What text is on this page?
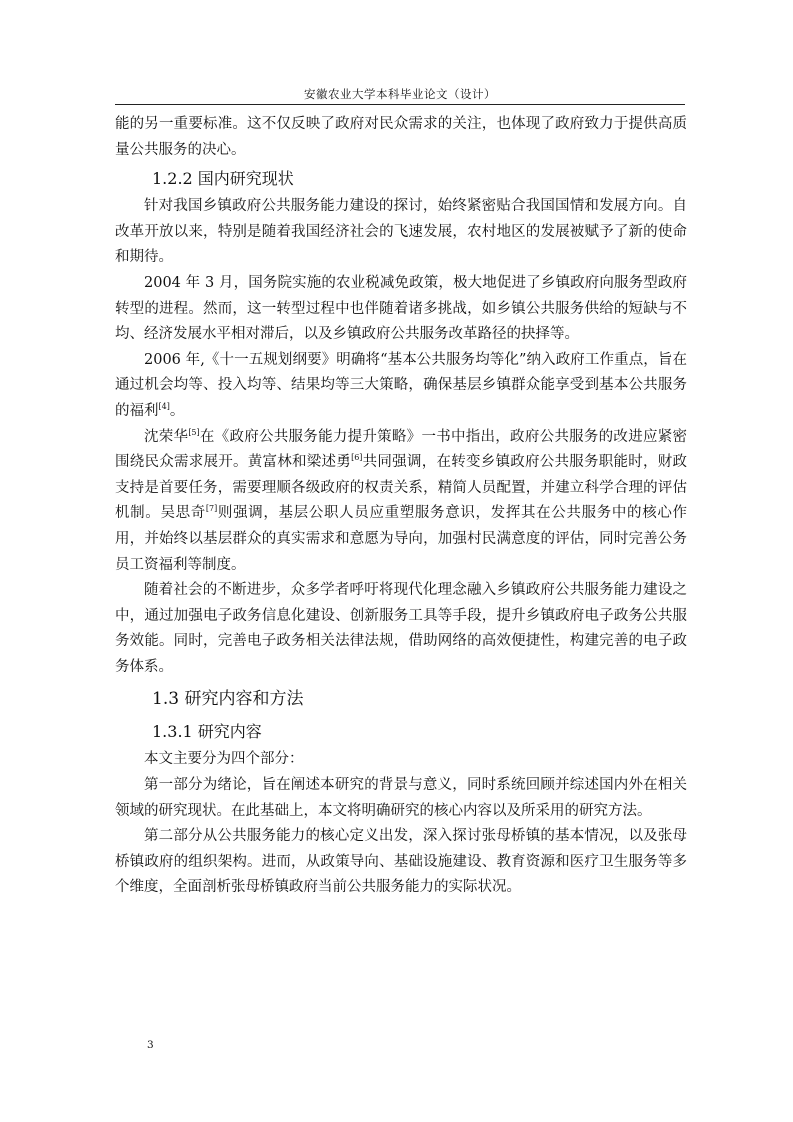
安徽农业大学本科毕业论文（设计）

能的另一重要标准。这不仅反映了政府对民众需求的关注，也体现了政府致力于提供高质量公共服务的决心。

1.2.2 国内研究现状

针对我国乡镇政府公共服务能力建设的探讨，始终紧密贴合我国国情和发展方向。自改革开放以来，特别是随着我国经济社会的飞速发展，农村地区的发展被赋予了新的使命和期待。

2004 年 3 月，国务院实施的农业税减免政策，极大地促进了乡镇政府向服务型政府转型的进程。然而，这一转型过程中也伴随着诸多挑战，如乡镇公共服务供给的短缺与不均、经济发展水平相对滞后，以及乡镇政府公共服务改革路径的抉择等。

2006 年,《十一五规划纲要》明确将“基本公共服务均等化”纳入政府工作重点，旨在通过机会均等、投入均等、结果均等三大策略，确保基层乡镇群众能享受到基本公共服务的福利[4]。

沈荣华[5]在《政府公共服务能力提升策略》一书中指出，政府公共服务的改进应紧密围绕民众需求展开。黄富林和梁述勇[6]共同强调，在转变乡镇政府公共服务职能时，财政支持是首要任务，需要理顺各级政府的权责关系，精简人员配置，并建立科学合理的评估机制。吴思奇[7]则强调，基层公职人员应重塑服务意识，发挥其在公共服务中的核心作用，并始终以基层群众的真实需求和意愿为导向，加强村民满意度的评估，同时完善公务员工资福利等制度。

随着社会的不断进步，众多学者呼吁将现代化理念融入乡镇政府公共服务能力建设之中，通过加强电子政务信息化建设、创新服务工具等手段，提升乡镇政府电子政务公共服务效能。同时，完善电子政务相关法律法规，借助网络的高效便捷性，构建完善的电子政务体系。

1.3 研究内容和方法
1.3.1 研究内容

本文主要分为四个部分：

第一部分为绪论，旨在阐述本研究的背景与意义，同时系统回顾并综述国内外在相关领域的研究现状。在此基础上，本文将明确研究的核心内容以及所采用的研究方法。

第二部分从公共服务能力的核心定义出发，深入探讨张母桥镇的基本情况，以及张母桥镇政府的组织架构。进而，从政策导向、基础设施建设、教育资源和医疗卫生服务等多个维度，全面剖析张母桥镇政府当前公共服务能力的实际状况。

3
